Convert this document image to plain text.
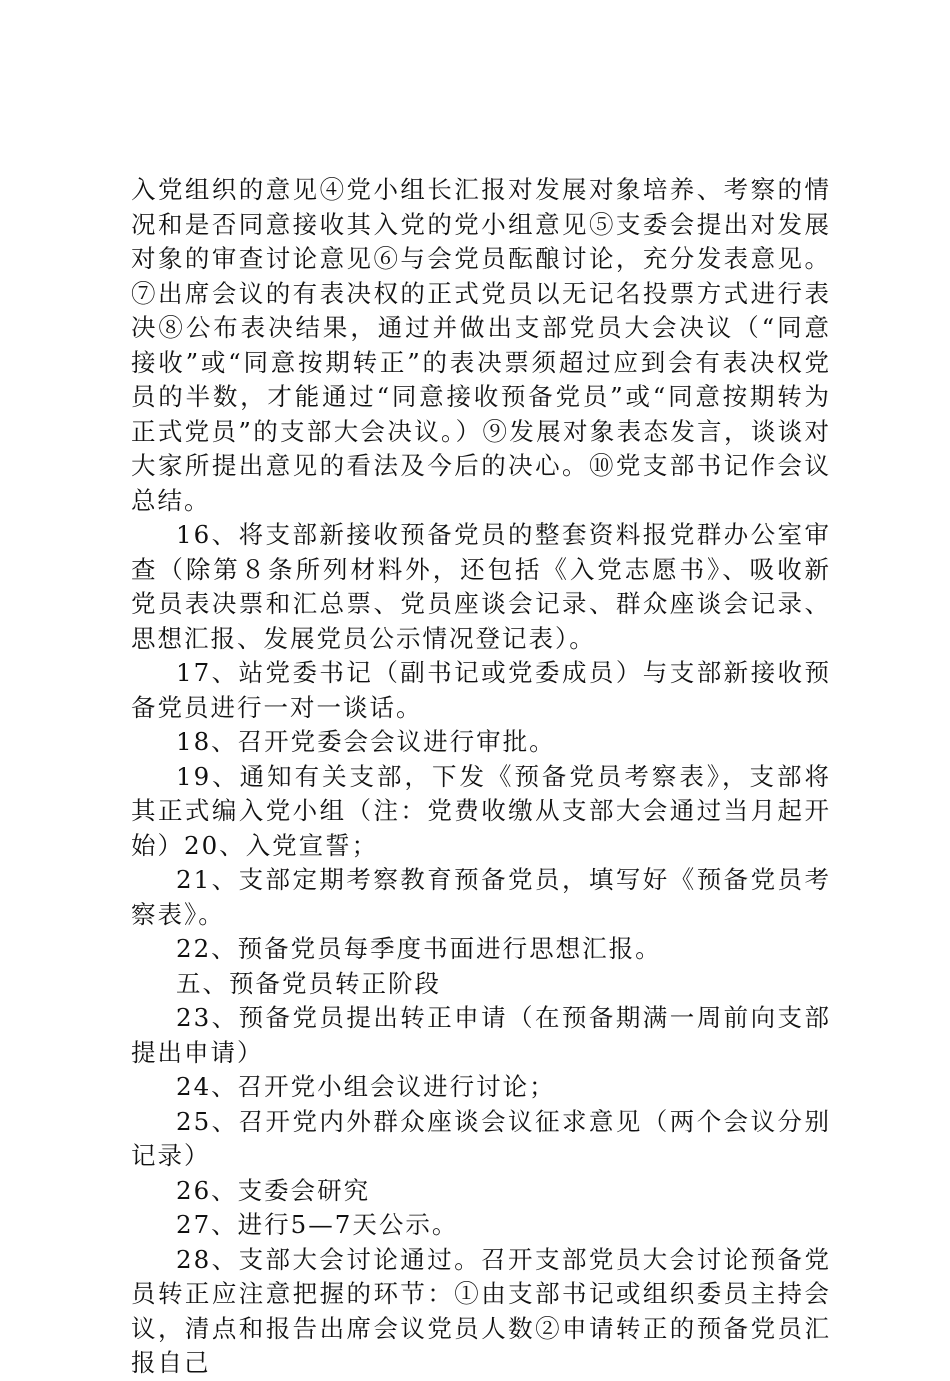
入党组织的意见④党小组长汇报对发展对象培养、考察的情况和是否同意接收其入党的党小组意见⑤支委会提出对发展对象的审查讨论意见⑥与会党员酝酿讨论，充分发表意见。⑦出席会议的有表决权的正式党员以无记名投票方式进行表决⑧公布表决结果，通过并做出支部党员大会决议（“同意接收”或“同意按期转正”的表决票须超过应到会有表决权党员的半数，才能通过“同意接收预备党员”或“同意按期转为正式党员”的支部大会决议。）⑨发展对象表态发言，谈谈对大家所提出意见的看法及今后的决心。⑩党支部书记作会议总结。

16、将支部新接收预备党员的整套资料报党群办公室审查（除第８条所列材料外，还包括《入党志愿书》、吸收新党员表决票和汇总票、党员座谈会记录、群众座谈会记录、思想汇报、发展党员公示情况登记表）。

17、站党委书记（副书记或党委成员）与支部新接收预备党员进行一对一谈话。

18、召开党委会会议进行审批。

19、通知有关支部，下发《预备党员考察表》，支部将其正式编入党小组（注：党费收缴从支部大会通过当月起开始）20、入党宣誓；

21、支部定期考察教育预备党员，填写好《预备党员考察表》。

22、预备党员每季度书面进行思想汇报。

五、预备党员转正阶段

23、预备党员提出转正申请（在预备期满一周前向支部提出申请）

24、召开党小组会议进行讨论；

25、召开党内外群众座谈会议征求意见（两个会议分别记录）

26、支委会研究

27、进行5—7天公示。

28、支部大会讨论通过。召开支部党员大会讨论预备党员转正应注意把握的环节：①由支部书记或组织委员主持会议，清点和报告出席会议党员人数②申请转正的预备党员汇报自己
